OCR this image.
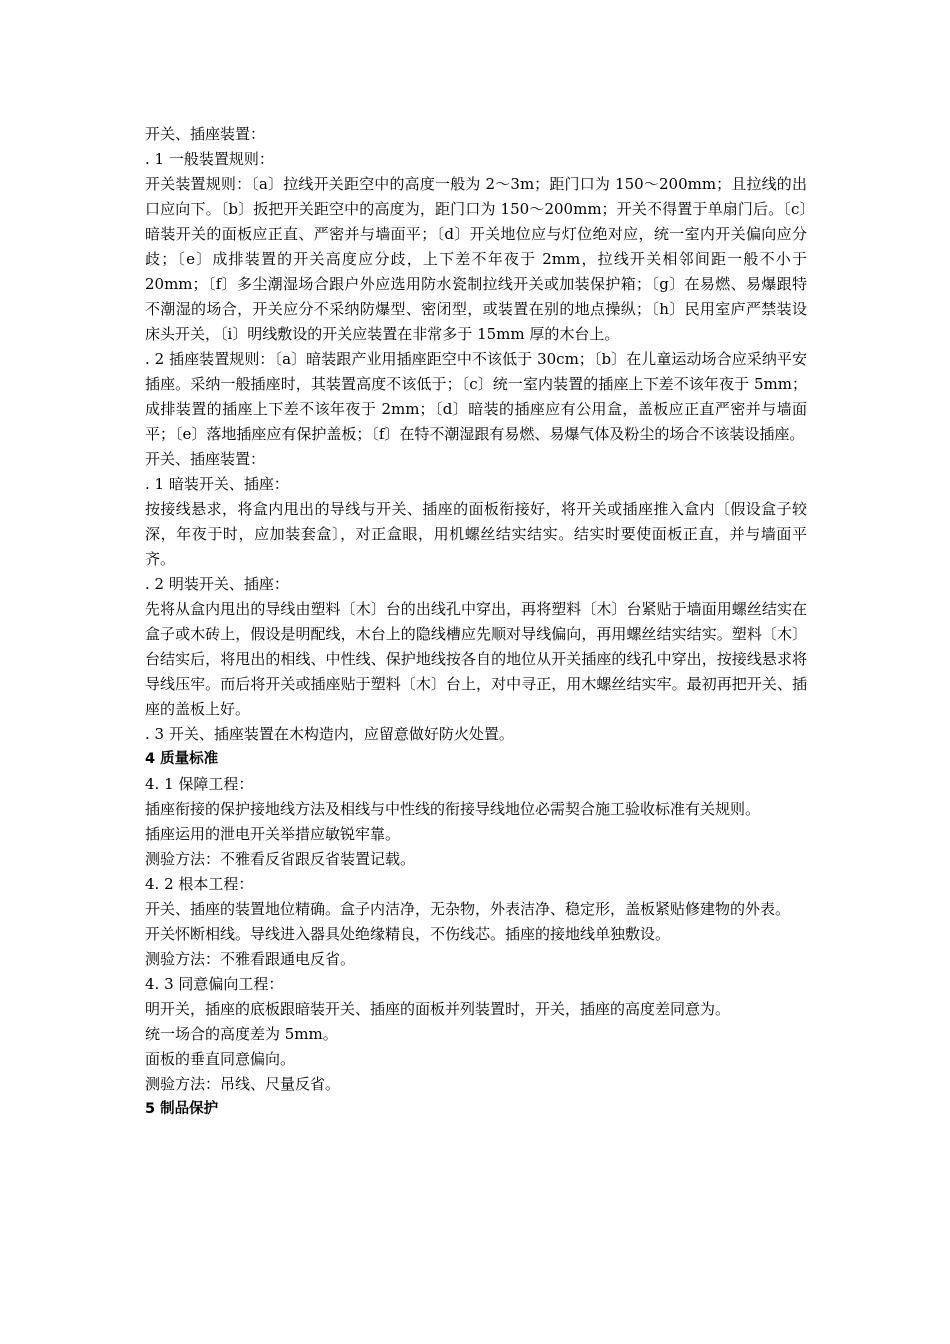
开关、插座装置：

. 1 一般装置规则：

开关装置规则：〔a〕拉线开关距空中的高度一般为 2～3m；距门口为 150～200mm；且拉线的出口应向下。〔b〕扳把开关距空中的高度为，距门口为 150～200mm；开关不得置于单扇门后。〔c〕暗装开关的面板应正直、严密并与墙面平；〔d〕开关地位应与灯位绝对应，统一室内开关偏向应分歧；〔e〕成排装置的开关高度应分歧，上下差不年夜于 2mm，拉线开关相邻间距一般不小于 20mm；〔f〕多尘潮湿场合跟户外应选用防水瓷制拉线开关或加装保护箱；〔g〕在易燃、易爆跟特不潮湿的场合，开关应分不采纳防爆型、密闭型，或装置在别的地点操纵；〔h〕民用室庐严禁装设床头开关，〔i〕明线敷设的开关应装置在非常多于 15mm 厚的木台上。

. 2 插座装置规则：〔a〕暗装跟产业用插座距空中不该低于 30cm；〔b〕在儿童运动场合应采纳平安插座。采纳一般插座时，其装置高度不该低于；〔c〕统一室内装置的插座上下差不该年夜于 5mm；成排装置的插座上下差不该年夜于 2mm；〔d〕暗装的插座应有公用盒，盖板应正直严密并与墙面平；〔e〕落地插座应有保护盖板；〔f〕在特不潮湿跟有易燃、易爆气体及粉尘的场合不该装设插座。

开关、插座装置：

. 1 暗装开关、插座：

按接线悬求，将盒内甩出的导线与开关、插座的面板衔接好，将开关或插座推入盒内〔假设盒子较深，年夜于时，应加装套盒〕，对正盒眼，用机螺丝结实结实。结实时要使面板正直，并与墙面平齐。

. 2 明装开关、插座：

先将从盒内甩出的导线由塑料〔木〕台的出线孔中穿出，再将塑料〔木〕台紧贴于墙面用螺丝结实在盒子或木砖上，假设是明配线，木台上的隐线槽应先顺对导线偏向，再用螺丝结实结实。塑料〔木〕台结实后，将甩出的相线、中性线、保护地线按各自的地位从开关插座的线孔中穿出，按接线悬求将导线压牢。而后将开关或插座贴于塑料〔木〕台上，对中寻正，用木螺丝结实牢。最初再把开关、插座的盖板上好。

. 3 开关、插座装置在木构造内，应留意做好防火处置。

4 质量标准

4. 1 保障工程：

插座衔接的保护接地线方法及相线与中性线的衔接导线地位必需契合施工验收标准有关规则。

插座运用的泄电开关举措应敏锐牢靠。

测验方法：不雅看反省跟反省装置记载。

4. 2 根本工程：

开关、插座的装置地位精确。盒子内洁净，无杂物，外表洁净、稳定形，盖板紧贴修建物的外表。

开关怀断相线。导线进入器具处绝缘精良，不伤线芯。插座的接地线单独敷设。

测验方法：不雅看跟通电反省。

4. 3 同意偏向工程：

明开关，插座的底板跟暗装开关、插座的面板并列装置时，开关，插座的高度差同意为。

统一场合的高度差为 5mm。

面板的垂直同意偏向。

测验方法：吊线、尺量反省。

5 制品保护
